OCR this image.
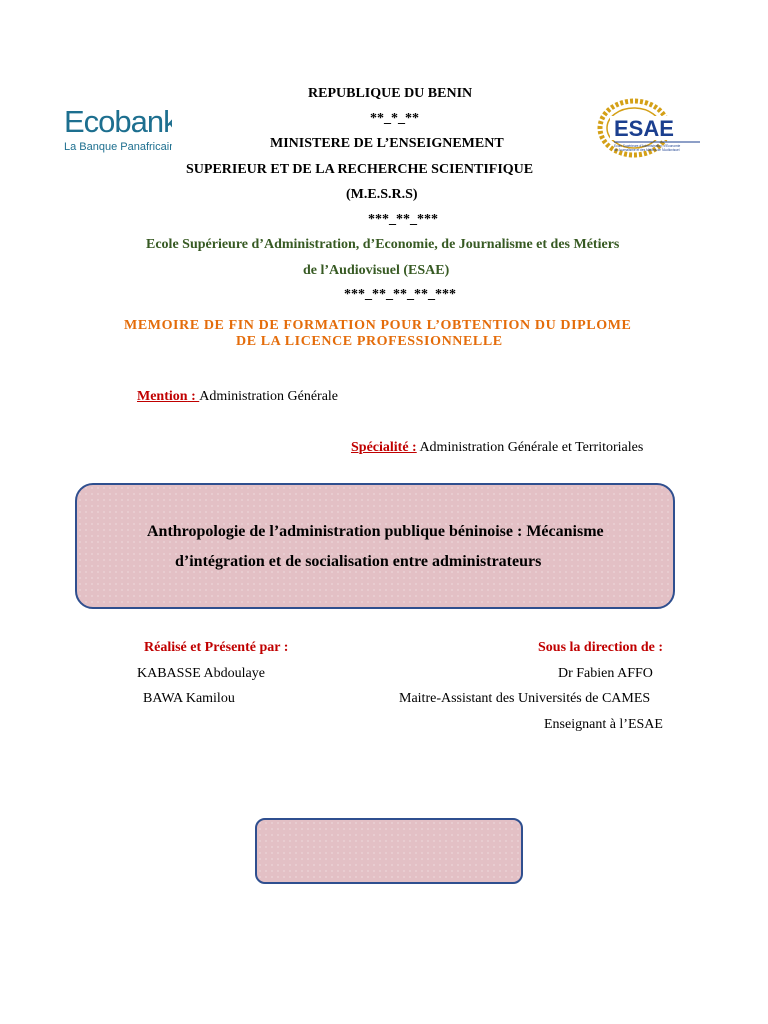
Ecobank
La Banque Panafricaine
ESAE
Ecole Supérieure d'Administration, d'Economie
de Journalisme et des Métiers de l'Audiovisuel
REPUBLIQUE DU BENIN
**_*_**
MINISTERE DE L’ENSEIGNEMENT
SUPERIEUR ET DE LA RECHERCHE SCIENTIFIQUE
(M.E.S.R.S)
***_**_***
Ecole Supérieure d’Administration, d’Economie, de Journalisme et des Métiers
de l’Audiovisuel (ESAE)
***_**_**_**_***
MEMOIRE DE FIN DE FORMATION POUR L’OBTENTION DU DIPLOME
DE LA LICENCE PROFESSIONNELLE
Mention : Administration Générale
Spécialité : Administration Générale et Territoriales
Anthropologie de l’administration publique béninoise : Mécanisme
d’intégration et de socialisation entre administrateurs
Réalisé et Présenté par :
KABASSE Abdoulaye
BAWA Kamilou
Sous la direction de :
Dr Fabien AFFO
Maitre-Assistant des Universités de CAMES
Enseignant à l’ESAE
